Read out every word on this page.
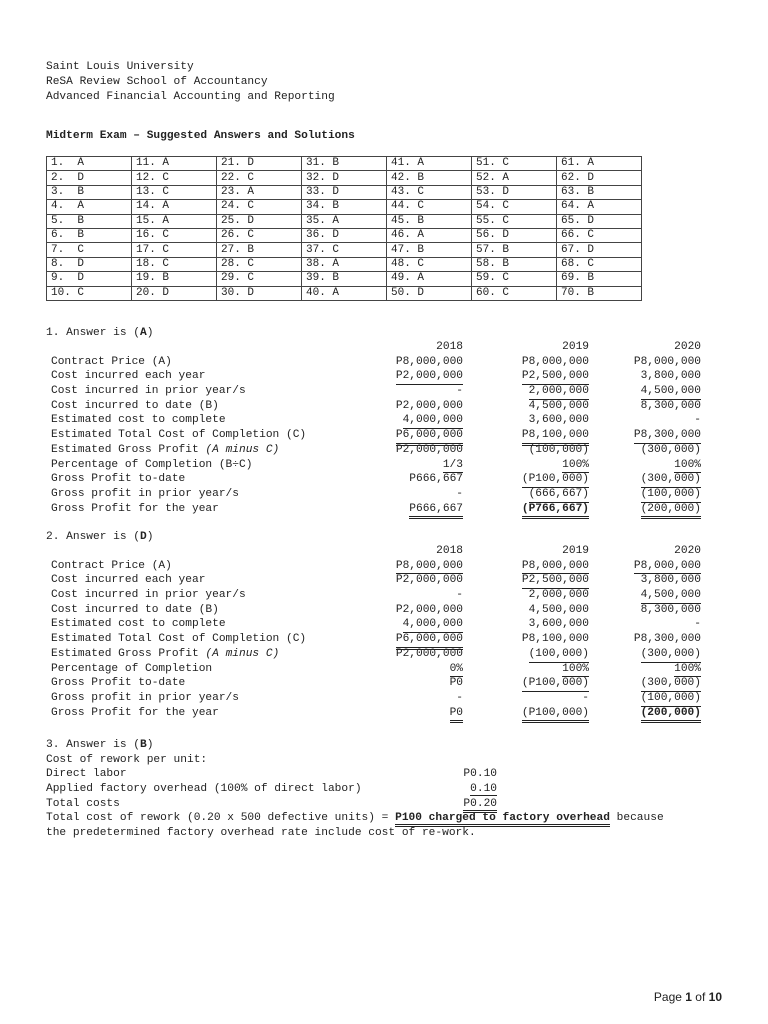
Saint Louis University
ReSA Review School of Accountancy
Advanced Financial Accounting and Reporting
Midterm Exam – Suggested Answers and Solutions
1.  A	11. A	21. D	31. B	41. A	51. C	61. A
2.  D	12. C	22. C	32. D	42. B	52. A	62. D
3.  B	13. C	23. A	33. D	43. C	53. D	63. B
4.  A	14. A	24. C	34. B	44. C	54. C	64. A
5.  B	15. A	25. D	35. A	45. B	55. C	65. D
6.  B	16. C	26. C	36. D	46. A	56. D	66. C
7.  C	17. C	27. B	37. C	47. B	57. B	67. D
8.  D	18. C	28. C	38. A	48. C	58. B	68. C
9.  D	19. B	29. C	39. B	49. A	59. C	69. B
10. C	20. D	30. D	40. A	50. D	60. C	70. B
1. Answer is (A)
2018	2019	2020
Contract Price (A)	P8,000,000	P8,000,000	P8,000,000
Cost incurred each year	P2,000,000	P2,500,000	3,800,000
Cost incurred in prior year/s	-	2,000,000	4,500,000
Cost incurred to date (B)	P2,000,000	4,500,000	8,300,000
Estimated cost to complete	4,000,000	3,600,000	-
Estimated Total Cost of Completion (C)	P6,000,000	P8,100,000	P8,300,000
Estimated Gross Profit (A minus C)	P2,000,000	(100,000)	(300,000)
Percentage of Completion (B÷C)	1/3	100%	100%
Gross Profit to-date	P666,667	(P100,000)	(300,000)
Gross profit in prior year/s	-	(666,667)	(100,000)
Gross Profit for the year	P666,667	(P766,667)	(200,000)
2. Answer is (D)
2018	2019	2020
Contract Price (A)	P8,000,000	P8,000,000	P8,000,000
Cost incurred each year	P2,000,000	P2,500,000	3,800,000
Cost incurred in prior year/s	-	2,000,000	4,500,000
Cost incurred to date (B)	P2,000,000	4,500,000	8,300,000
Estimated cost to complete	4,000,000	3,600,000	-
Estimated Total Cost of Completion (C)	P6,000,000	P8,100,000	P8,300,000
Estimated Gross Profit (A minus C)	P2,000,000	(100,000)	(300,000)
Percentage of Completion	0%	100%	100%
Gross Profit to-date	P0	(P100,000)	(300,000)
Gross profit in prior year/s	-	-	(100,000)
Gross Profit for the year	P0	(P100,000)	(200,000)
3. Answer is (B)
Cost of rework per unit:
Direct labor	P0.10
Applied factory overhead (100% of direct labor)	0.10
Total costs	P0.20
Total cost of rework (0.20 x 500 defective units) = P100 charged to factory overhead because
the predetermined factory overhead rate include cost of re-work.
Page 1 of 10
